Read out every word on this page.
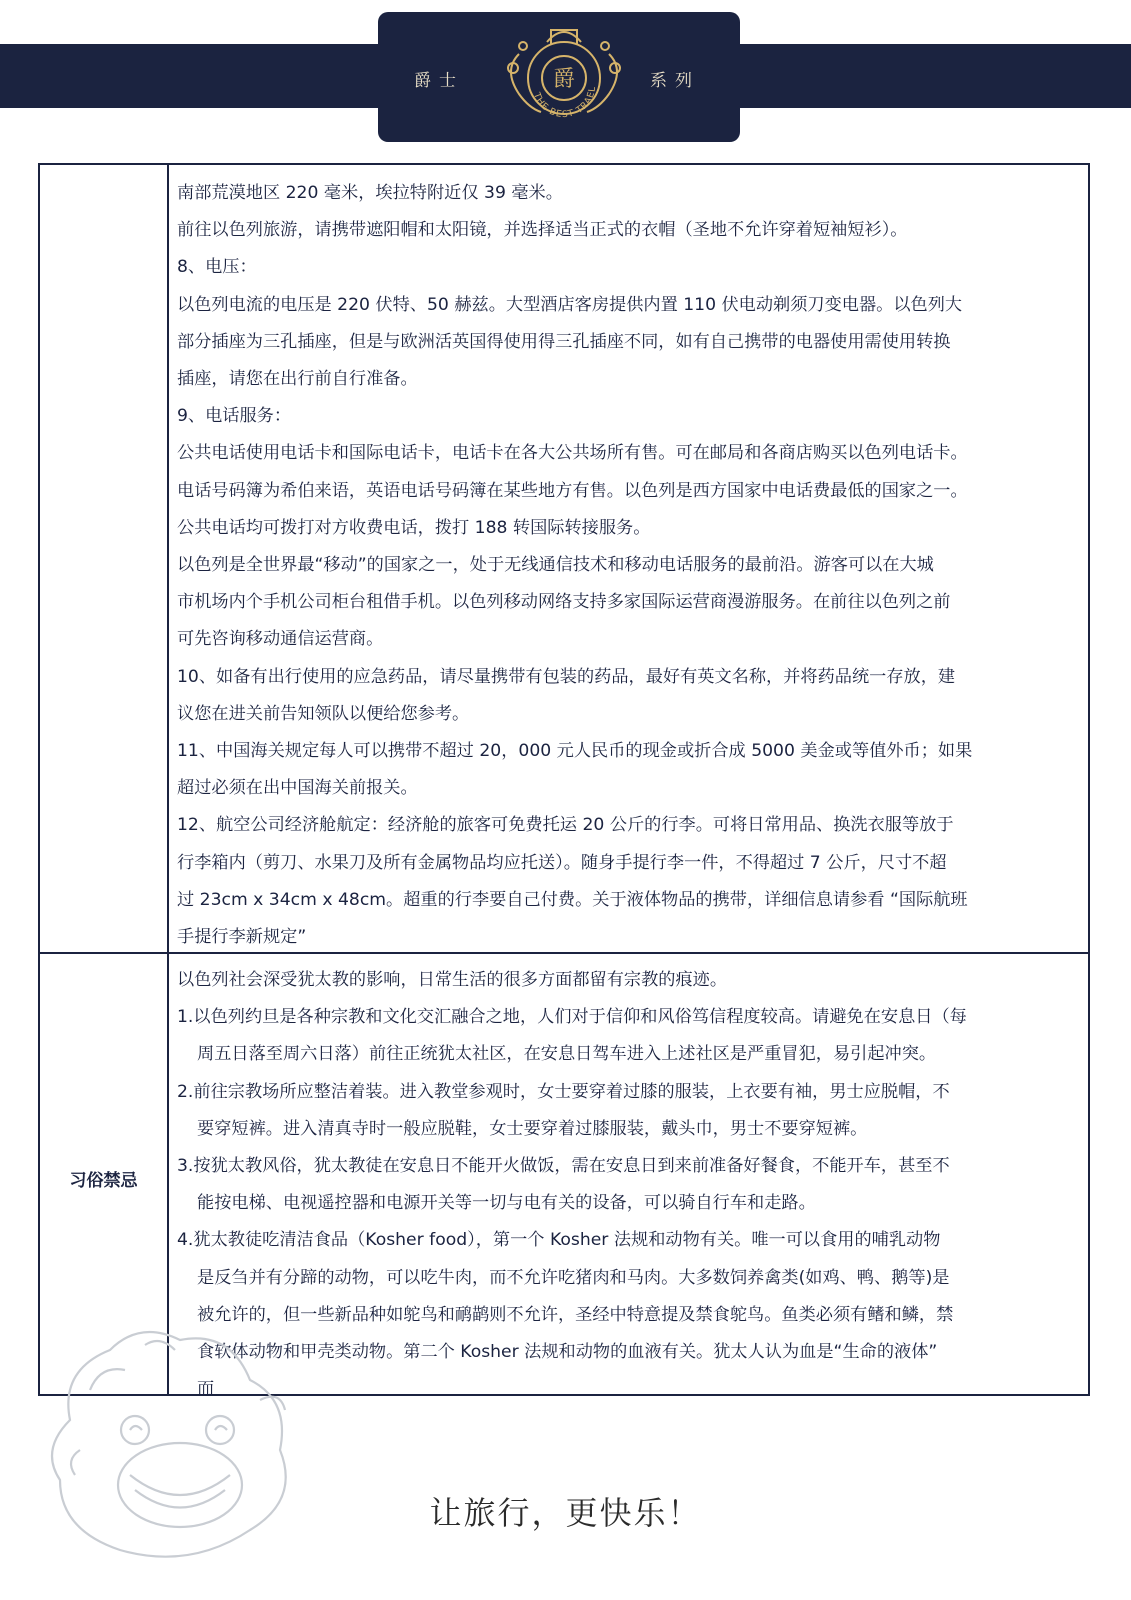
爵士	系列
爵
THE BEST TRAEL

南部荒漠地区 220 毫米，埃拉特附近仅 39 毫米。

前往以色列旅游，请携带遮阳帽和太阳镜，并选择适当正式的衣帽（圣地不允许穿着短袖短衫）。

8、电压：

以色列电流的电压是 220 伏特、50 赫兹。大型酒店客房提供内置 110 伏电动剃须刀变电器。以色列大

部分插座为三孔插座，但是与欧洲活英国得使用得三孔插座不同，如有自己携带的电器使用需使用转换

插座，请您在出行前自行准备。

9、电话服务：

公共电话使用电话卡和国际电话卡，电话卡在各大公共场所有售。可在邮局和各商店购买以色列电话卡。

电话号码簿为希伯来语，英语电话号码簿在某些地方有售。以色列是西方国家中电话费最低的国家之一。

公共电话均可拨打对方收费电话，拨打 188 转国际转接服务。

以色列是全世界最“移动”的国家之一，处于无线通信技术和移动电话服务的最前沿。游客可以在大城

市机场内个手机公司柜台租借手机。以色列移动网络支持多家国际运营商漫游服务。在前往以色列之前

可先咨询移动通信运营商。

10、如备有出行使用的应急药品，请尽量携带有包装的药品，最好有英文名称，并将药品统一存放，建

议您在进关前告知领队以便给您参考。

11、中国海关规定每人可以携带不超过 20，000 元人民币的现金或折合成 5000 美金或等值外币；如果

超过必须在出中国海关前报关。

12、航空公司经济舱航定：经济舱的旅客可免费托运 20 公斤的行李。可将日常用品、换洗衣服等放于

行李箱内（剪刀、水果刀及所有金属物品均应托送）。随身手提行李一件，不得超过 7 公斤，尺寸不超

过 23cm x 34cm x 48cm。超重的行李要自己付费。关于液体物品的携带，详细信息请参看 “国际航班

手提行李新规定”

习俗禁忌

以色列社会深受犹太教的影响，日常生活的很多方面都留有宗教的痕迹。

1.以色列约旦是各种宗教和文化交汇融合之地，人们对于信仰和风俗笃信程度较高。请避免在安息日（每
周五日落至周六日落）前往正统犹太社区，在安息日驾车进入上述社区是严重冒犯，易引起冲突。
2.前往宗教场所应整洁着装。进入教堂参观时，女士要穿着过膝的服装，上衣要有袖，男士应脱帽，不
要穿短裤。进入清真寺时一般应脱鞋，女士要穿着过膝服装，戴头巾，男士不要穿短裤。
3.按犹太教风俗，犹太教徒在安息日不能开火做饭，需在安息日到来前准备好餐食，不能开车，甚至不
能按电梯、电视遥控器和电源开关等一切与电有关的设备，可以骑自行车和走路。
4.犹太教徒吃清洁食品（Kosher food），第一个 Kosher 法规和动物有关。唯一可以食用的哺乳动物
是反刍并有分蹄的动物，可以吃牛肉，而不允许吃猪肉和马肉。大多数饲养禽类(如鸡、鸭、鹅等)是
被允许的，但一些新品种如鸵鸟和鸸鹋则不允许，圣经中特意提及禁食鸵鸟。鱼类必须有鳍和鳞，禁
食软体动物和甲壳类动物。第二个 Kosher 法规和动物的血液有关。犹太人认为血是“生命的液体”
而
让旅行，更快乐！
